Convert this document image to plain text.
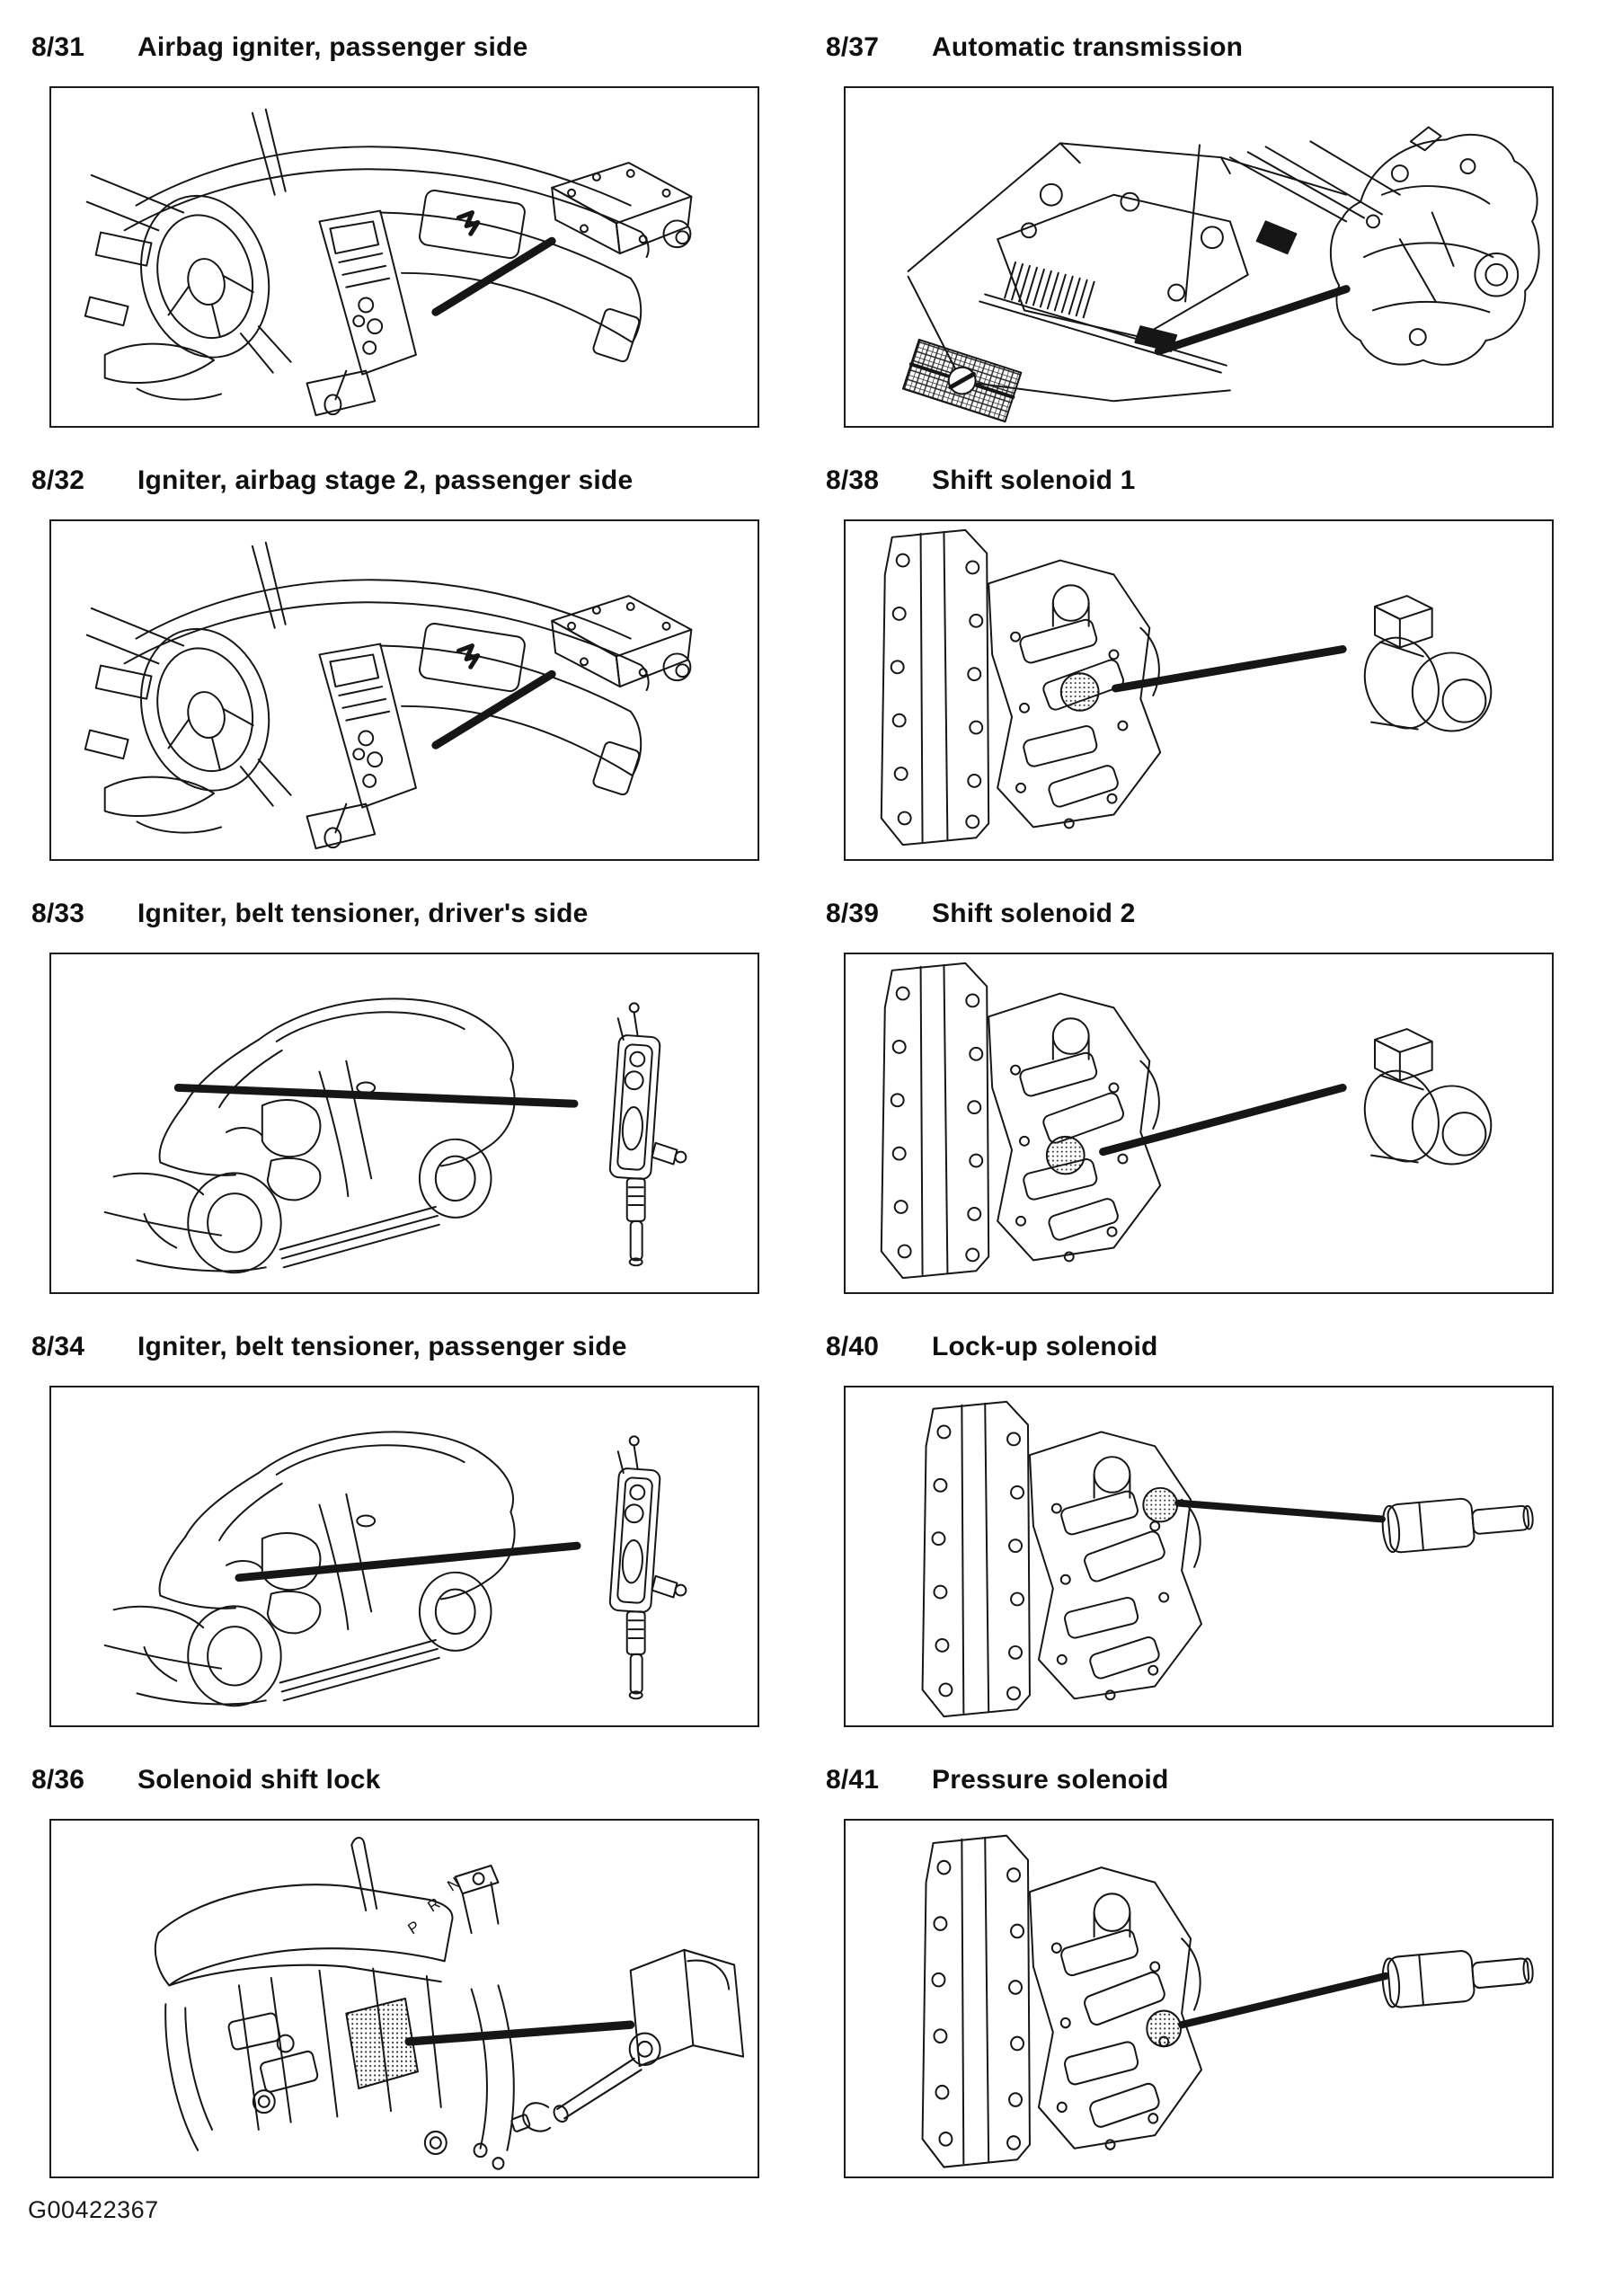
8/31	Airbag igniter, passenger side
8/32	Igniter, airbag stage 2, passenger side
8/33	Igniter, belt tensioner, driver's side
8/34	Igniter, belt tensioner, passenger side
8/36	Solenoid shift lock
8/37	Automatic transmission
8/38	Shift solenoid 1
8/39	Shift solenoid 2
8/40	Lock-up solenoid
8/41	Pressure solenoid
G00422367
